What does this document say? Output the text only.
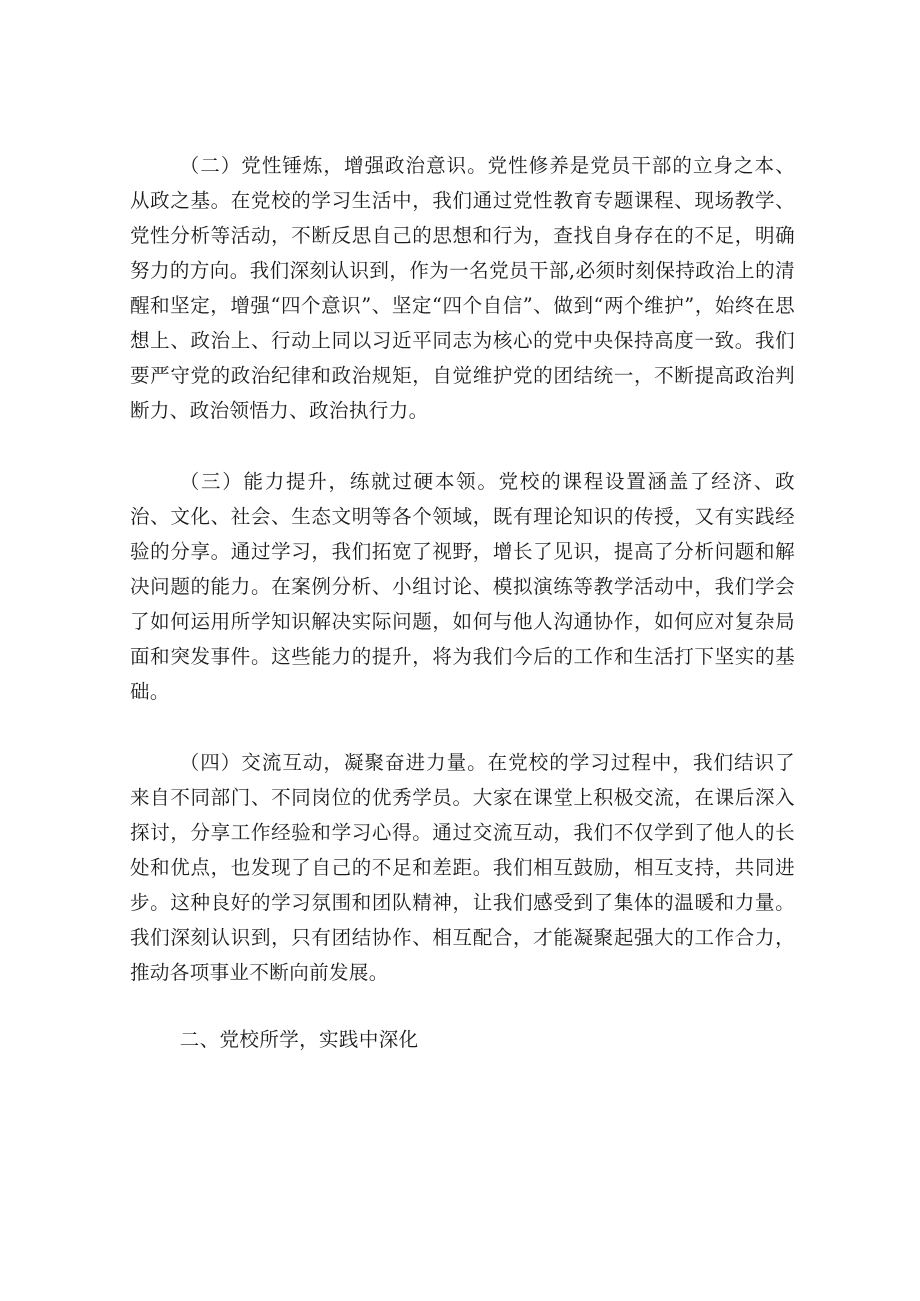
（二）党性锤炼，增强政治意识。党性修养是党员干部的立身之本、从政之基。在党校的学习生活中，我们通过党性教育专题课程、现场教学、党性分析等活动，不断反思自己的思想和行为，查找自身存在的不足，明确努力的方向。我们深刻认识到，作为一名党员干部,必须时刻保持政治上的清醒和坚定，增强“四个意识”、坚定“四个自信”、做到“两个维护”，始终在思想上、政治上、行动上同以习近平同志为核心的党中央保持高度一致。我们要严守党的政治纪律和政治规矩，自觉维护党的团结统一，不断提高政治判断力、政治领悟力、政治执行力。

（三）能力提升，练就过硬本领。党校的课程设置涵盖了经济、政治、文化、社会、生态文明等各个领域，既有理论知识的传授，又有实践经验的分享。通过学习，我们拓宽了视野，增长了见识，提高了分析问题和解决问题的能力。在案例分析、小组讨论、模拟演练等教学活动中，我们学会了如何运用所学知识解决实际问题，如何与他人沟通协作，如何应对复杂局面和突发事件。这些能力的提升，将为我们今后的工作和生活打下坚实的基础。

（四）交流互动，凝聚奋进力量。在党校的学习过程中，我们结识了来自不同部门、不同岗位的优秀学员。大家在课堂上积极交流，在课后深入探讨，分享工作经验和学习心得。通过交流互动，我们不仅学到了他人的长处和优点，也发现了自己的不足和差距。我们相互鼓励，相互支持，共同进步。这种良好的学习氛围和团队精神，让我们感受到了集体的温暖和力量。我们深刻认识到，只有团结协作、相互配合，才能凝聚起强大的工作合力，推动各项事业不断向前发展。

二、党校所学，实践中深化
